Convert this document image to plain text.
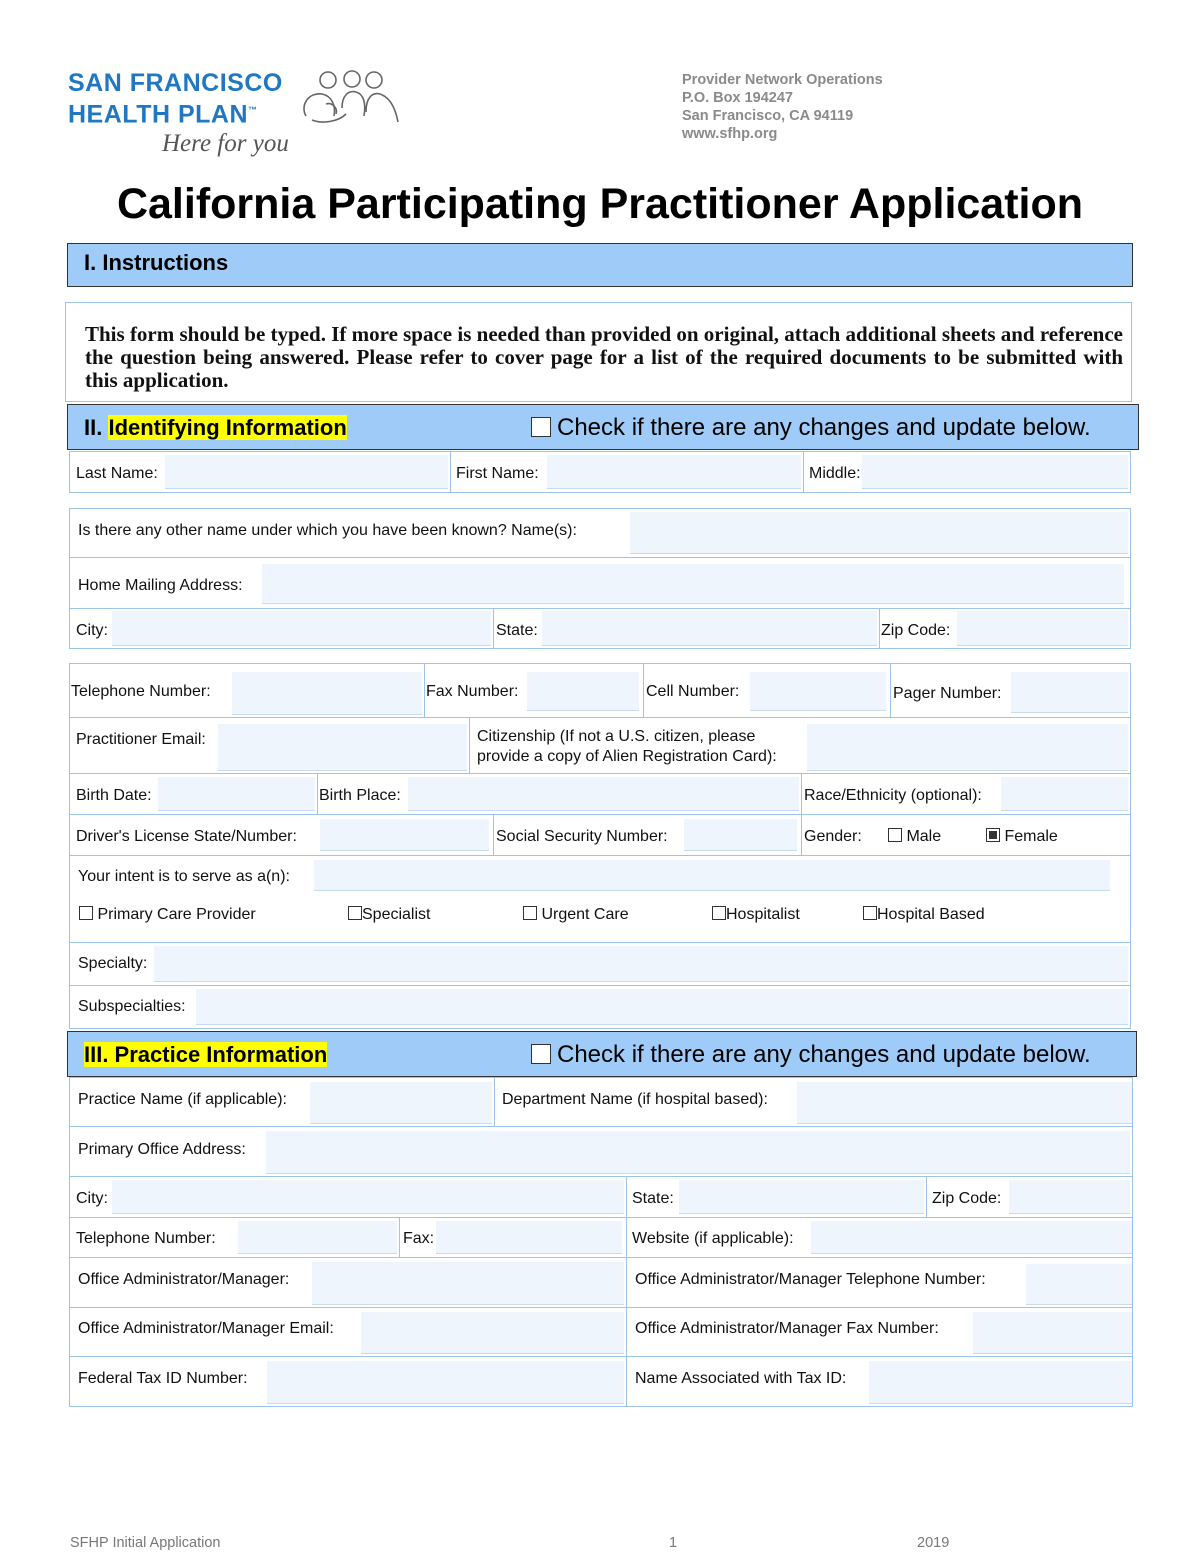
SAN FRANCISCO
HEALTH PLAN™
Here for you
Provider Network Operations
P.O. Box 194247
San Francisco, CA 94119
www.sfhp.org
California Participating Practitioner Application
I. Instructions

This form should be typed. If more space is needed than provided on original, attach additional sheets and reference the question being answered. Please refer to cover page for a list of the required documents to be submitted with this application.

II. Identifying Information	Check if there are any changes and update below.
Last Name:	First Name:	Middle:
Is there any other name under which you have been known? Name(s):
Home Mailing Address:
City:	State:	Zip Code:
Telephone Number:	Fax Number:	Cell Number:	Pager Number:
Practitioner Email:	Citizenship (If not a U.S. citizen, please
provide a copy of Alien Registration Card):
Birth Date:	Birth Place:	Race/Ethnicity (optional):
Driver's License State/Number:	Social Security Number:	Gender:	Male	Female
Your intent is to serve as a(n):
Primary Care Provider	Specialist	Urgent Care	Hospitalist	Hospital Based
Specialty:
Subspecialties:
III. Practice Information	Check if there are any changes and update below.
Practice Name (if applicable):	Department Name (if hospital based):
Primary Office Address:
City:	State:	Zip Code:
Telephone Number:	Fax:	Website (if applicable):
Office Administrator/Manager:	Office Administrator/Manager Telephone Number:
Office Administrator/Manager Email:	Office Administrator/Manager Fax Number:
Federal Tax ID Number:	Name Associated with Tax ID:
SFHP Initial Application	1	2019
